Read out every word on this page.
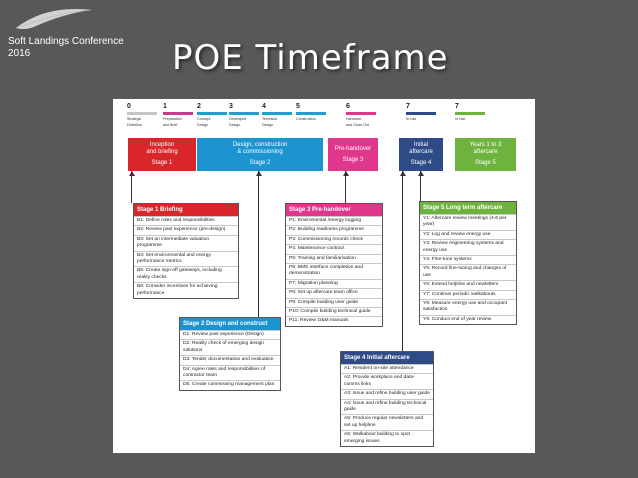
Soft Landings Conference
2016	POE Timeframe
0
Strategic
Definition
1
Preparation
and Brief
2
Concept
Design
3
Developed
Design
4
Technical
Design
5
Construction
6
Handover
and Close Out
7
In Use
7
In Use
Inception
and briefing
Stage 1
Design, construction
& commissioning
Stage 2
Pre-handover
Stage 3
Initial
aftercare
Stage 4
Years 1 to 3
aftercare
Stage 5
Stage 1 Briefing
B1: Define roles and responsibilities
B2: Review past experience (pre-design)
B3: Set an intermediate valuation programme
B4: Set environmental and energy performance metrics
B5: Create sign-off gateways, including reality checks
B6: Consider incentives for achieving performance
Stage 2 Design and construct
D1: Review past experience (Design)
D2: Reality check of emerging design solutions
D3: Tender documentation and evaluation
D4: Agree roles and responsibilities of contractor team
D5: Create commissing management plan
Stage 3 Pre-handover
P1: Enviromental /energy logging
P2: Building readiness programme
P3: Commissioning records check
P4: Maintenance contract
P5: Training and familiarisation
P6: BMS interface completion and demonstration
P7: Migration planning
P8: Set up aftercare team office
P9: Compile building user guide
P10: Compile building technical guide
P11: Review O&M manuals
Stage 4 Initial aftercare
A1: Resident on-site attendance
A2: Provide workplace and data-comms links
A3: Issue and refine building user guide
A4: Issue and refine building technical guide
A5: Produce regular newsletters and set up helpline
A6: Walkabout building to spot emerging issues
Stage 5 Long term aftercare
Y1: Aftercare review meetings (4-6 per year)
Y2: Log and review energy use
Y3: Review engineering systems and energy use
Y4: Fine-tune systems
Y5: Record fine-tuning and changes of use
Y6: Extend helpline and newletters
Y7: Continue periodic walkabouts
Y8: Measure energy use and occupant satisfaction
Y9: Conduct end of year review
